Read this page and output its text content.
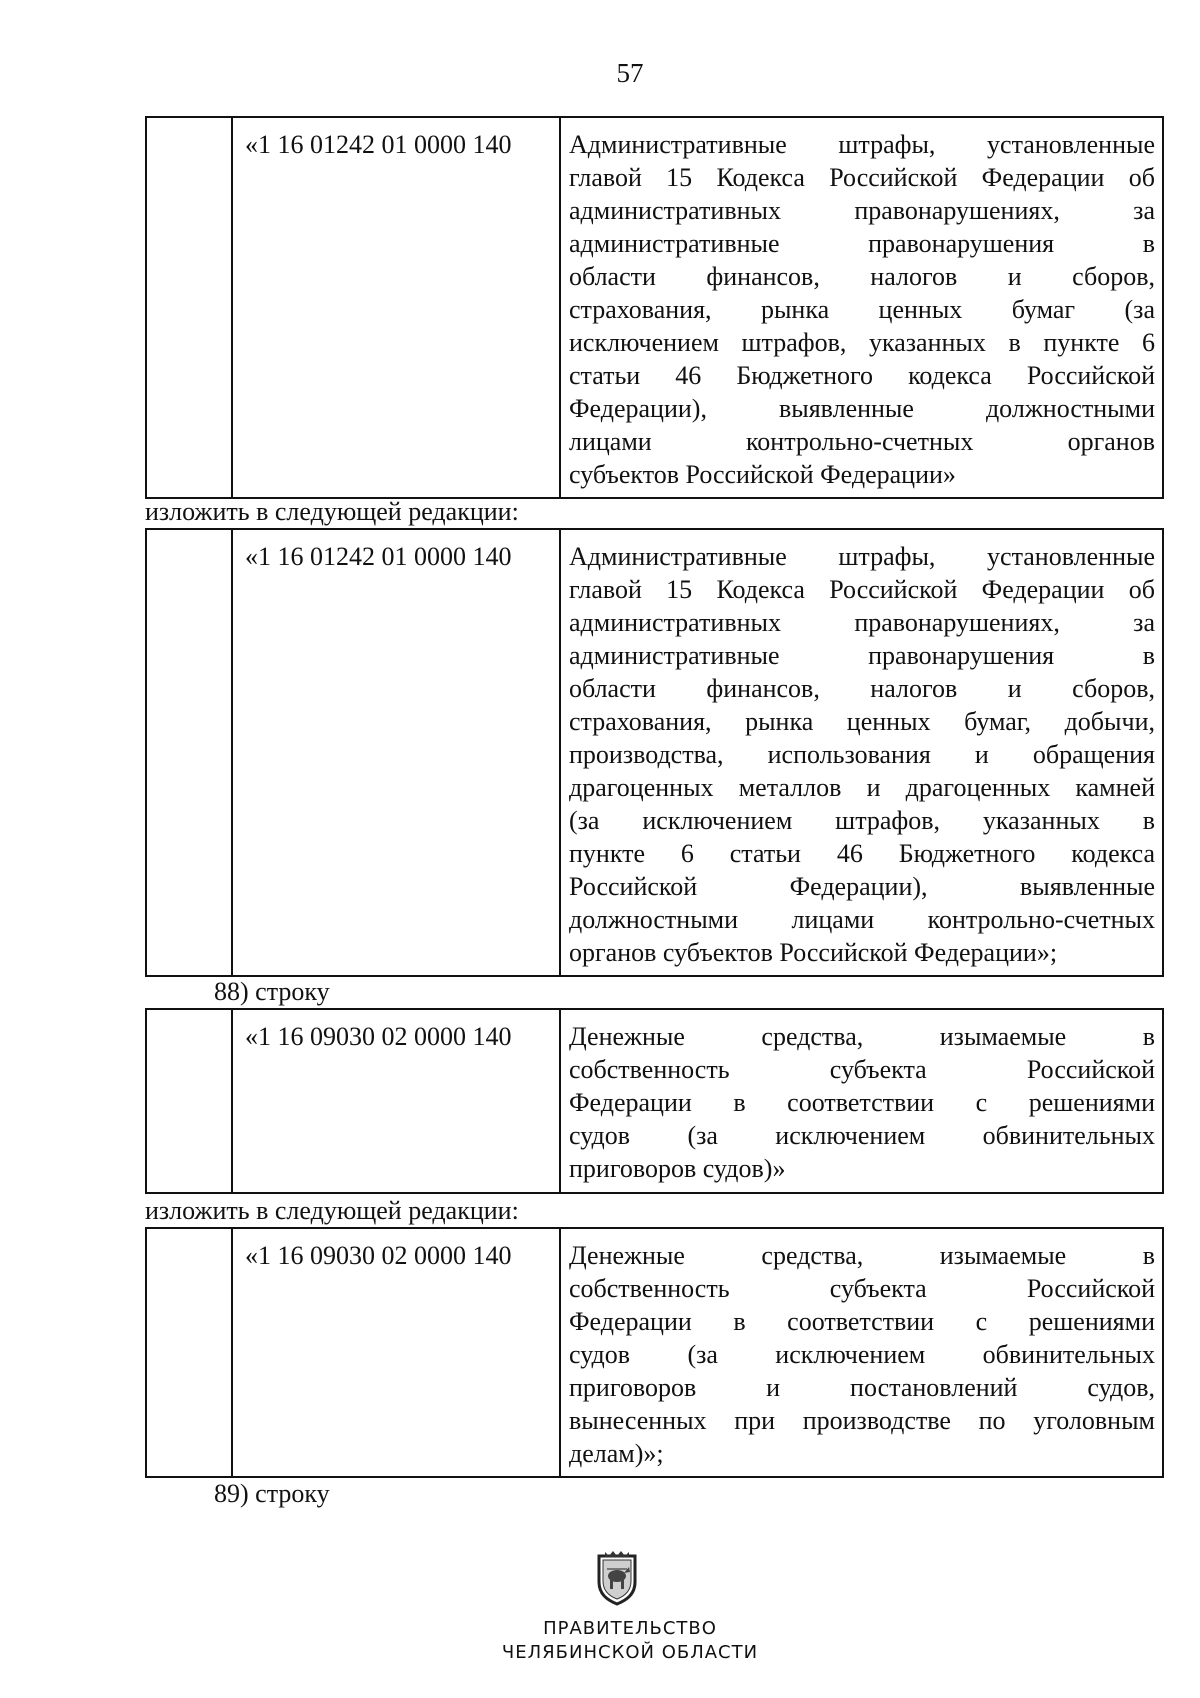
57
	«1 16 01242 01 0000 140	Административные штрафы, установленные
главой 15 Кодекса Российской Федерации об
административных правонарушениях, за
административные правонарушения в
области финансов, налогов и сборов,
страхования, рынка ценных бумаг (за
исключением штрафов, указанных в пункте 6
статьи 46 Бюджетного кодекса Российской
Федерации), выявленные должностными
лицами контрольно-счетных органов
субъектов Российской Федерации»
изложить в следующей редакции:
	«1 16 01242 01 0000 140	Административные штрафы, установленные
главой 15 Кодекса Российской Федерации об
административных правонарушениях, за
административные правонарушения в
области финансов, налогов и сборов,
страхования, рынка ценных бумаг, добычи,
производства, использования и обращения
драгоценных металлов и драгоценных камней
(за исключением штрафов, указанных в
пункте 6 статьи 46 Бюджетного кодекса
Российской Федерации), выявленные
должностными лицами контрольно-счетных
органов субъектов Российской Федерации»;
88) строку
	«1 16 09030 02 0000 140	Денежные средства, изымаемые в
собственность субъекта Российской
Федерации в соответствии с решениями
судов (за исключением обвинительных
приговоров судов)»
изложить в следующей редакции:
	«1 16 09030 02 0000 140	Денежные средства, изымаемые в
собственность субъекта Российской
Федерации в соответствии с решениями
судов (за исключением обвинительных
приговоров и постановлений судов,
вынесенных при производстве по уголовным
делам)»;
89) строку
ПРАВИТЕЛЬСТВО
ЧЕЛЯБИНСКОЙ ОБЛАСТИ
